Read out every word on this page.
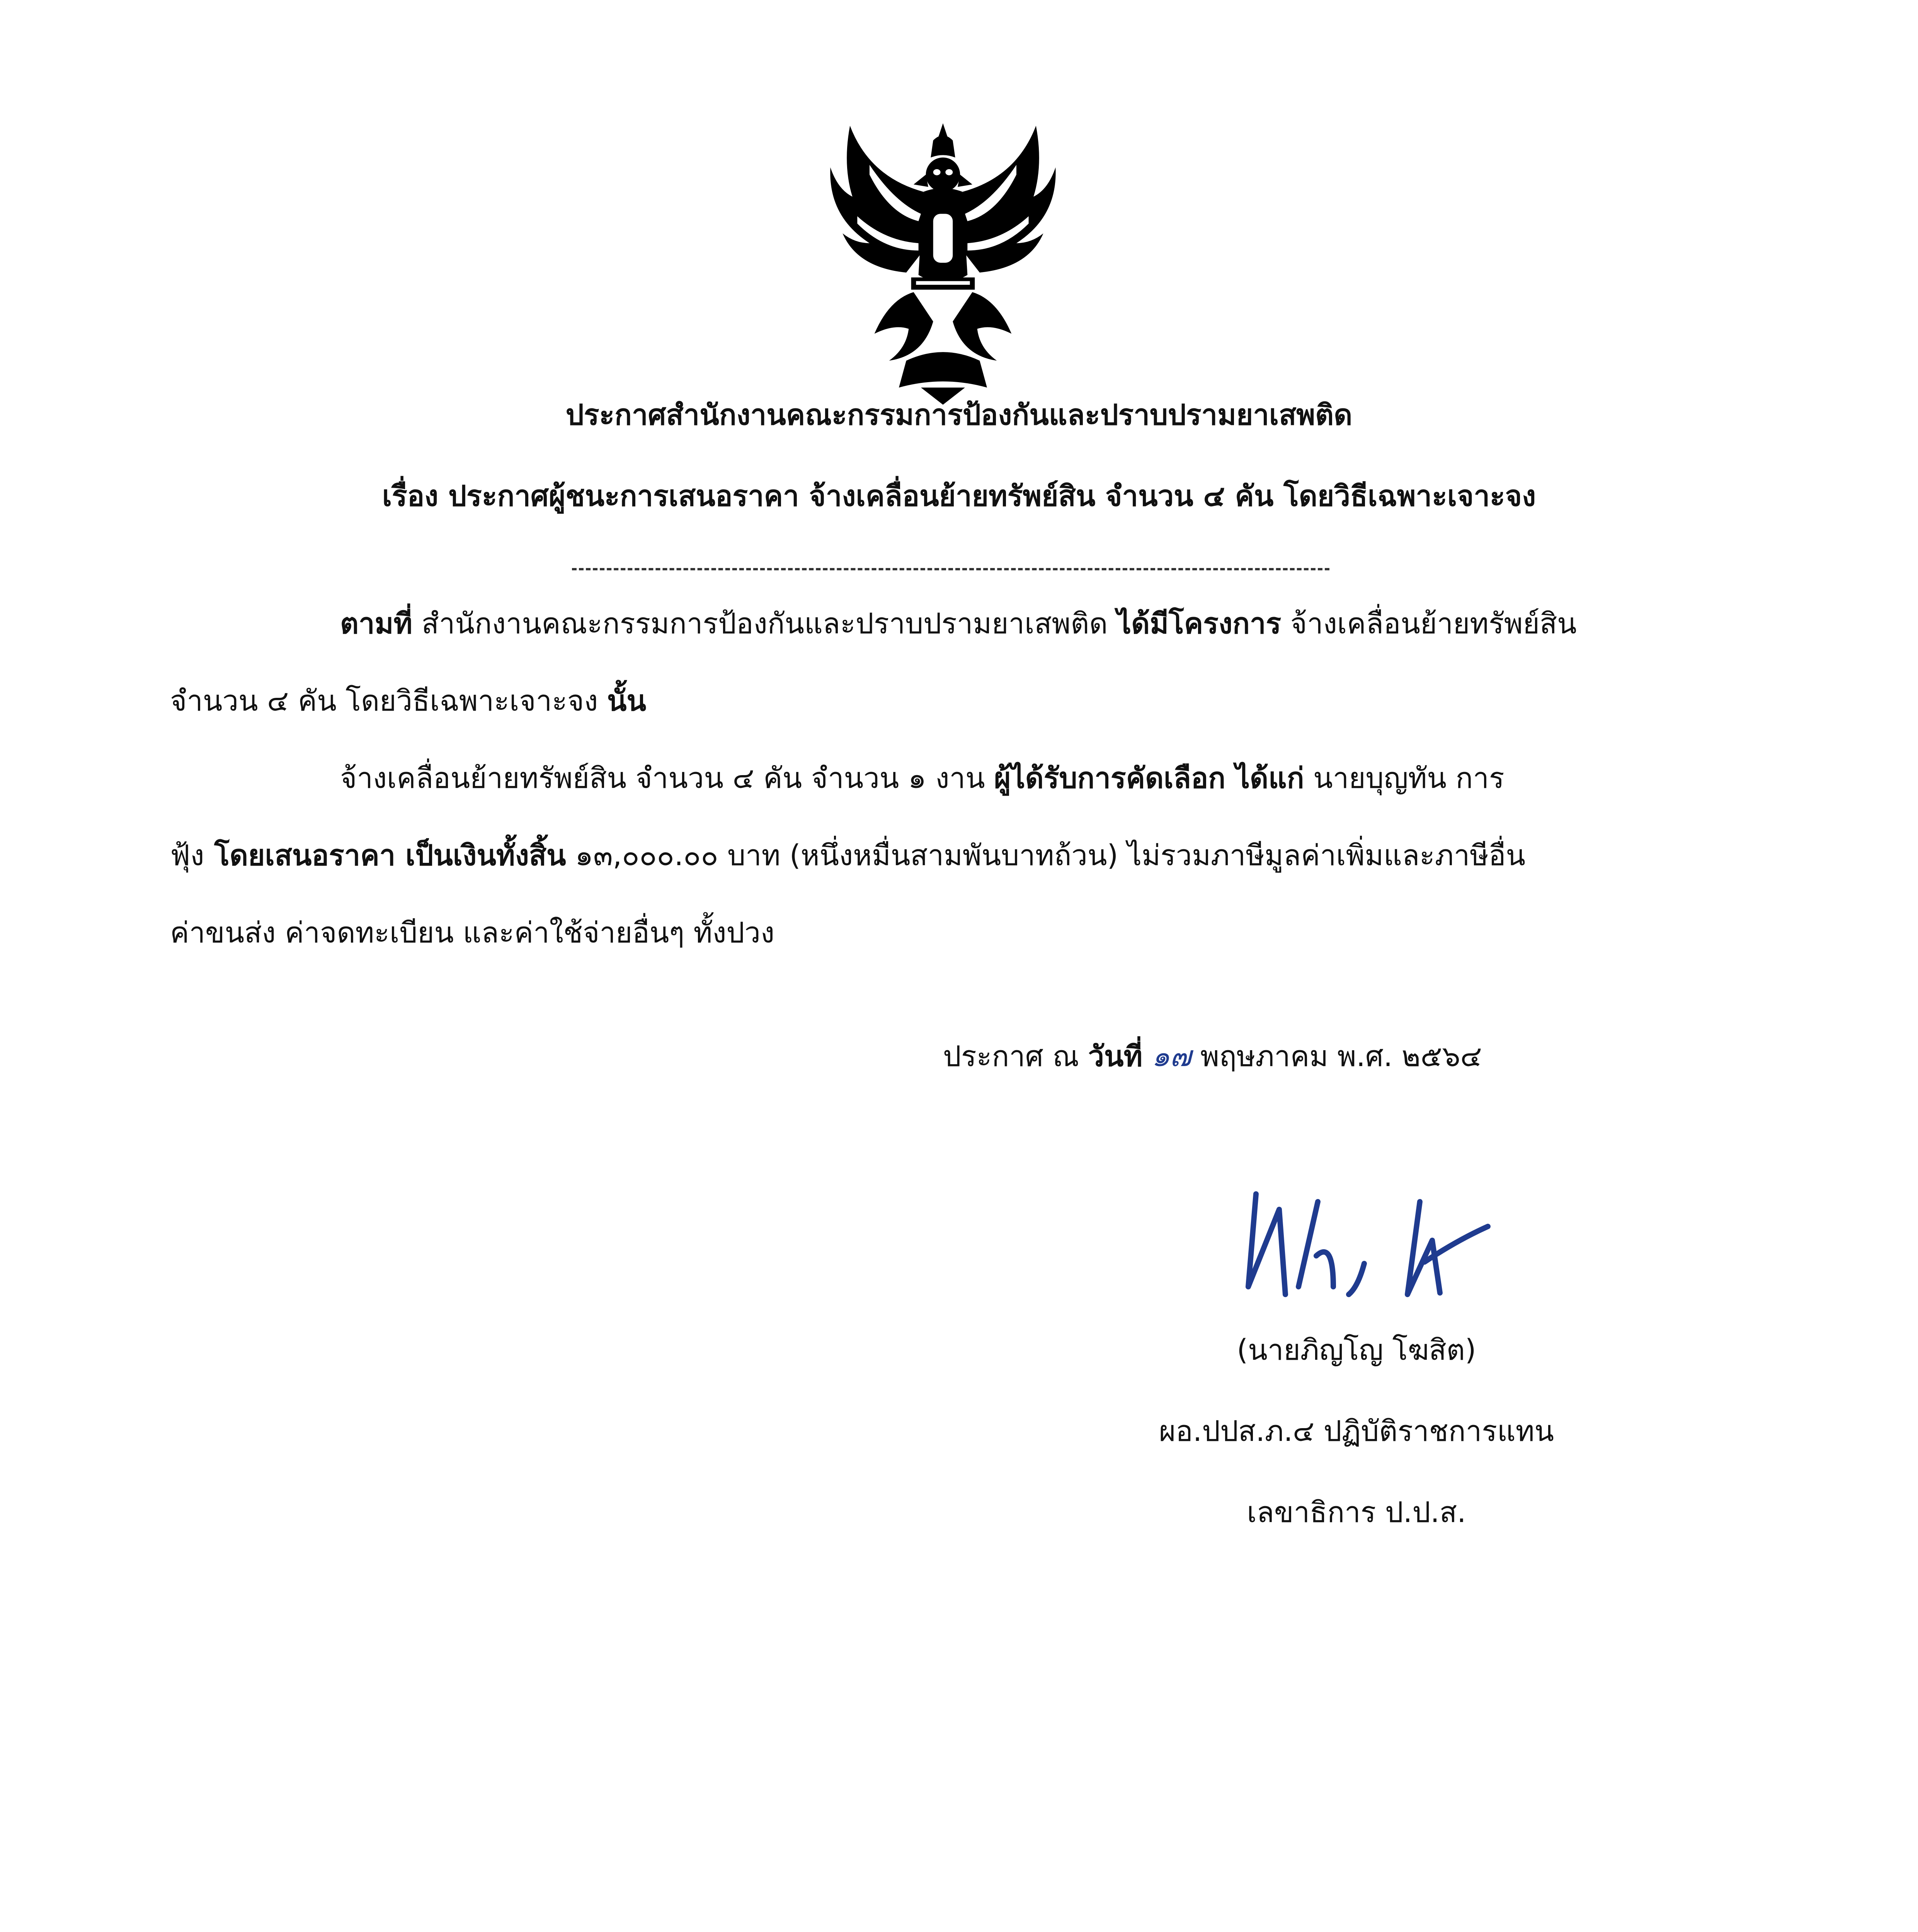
ประกาศสำนักงานคณะกรรมการป้องกันและปราบปรามยาเสพติด
เรื่อง ประกาศผู้ชนะการเสนอราคา จ้างเคลื่อนย้ายทรัพย์สิน จำนวน ๔ คัน โดยวิธีเฉพาะเจาะจง
ตามที่ สำนักงานคณะกรรมการป้องกันและปราบปรามยาเสพติด ได้มีโครงการ จ้างเคลื่อนย้ายทรัพย์สิน
จำนวน ๔ คัน โดยวิธีเฉพาะเจาะจง นั้น
จ้างเคลื่อนย้ายทรัพย์สิน จำนวน ๔ คัน จำนวน ๑ งาน ผู้ได้รับการคัดเลือก ได้แก่ นายบุญทัน การ
ฟุ้ง โดยเสนอราคา เป็นเงินทั้งสิ้น ๑๓,๐๐๐.๐๐ บาท (หนึ่งหมื่นสามพันบาทถ้วน) ไม่รวมภาษีมูลค่าเพิ่มและภาษีอื่น
ค่าขนส่ง ค่าจดทะเบียน และค่าใช้จ่ายอื่นๆ ทั้งปวง
ประกาศ ณ วันที่ ๑๗ พฤษภาคม พ.ศ. ๒๕๖๔
(นายภิญโญ โฆสิต)
ผอ.ปปส.ภ.๔ ปฏิบัติราชการแทน
เลขาธิการ ป.ป.ส.
